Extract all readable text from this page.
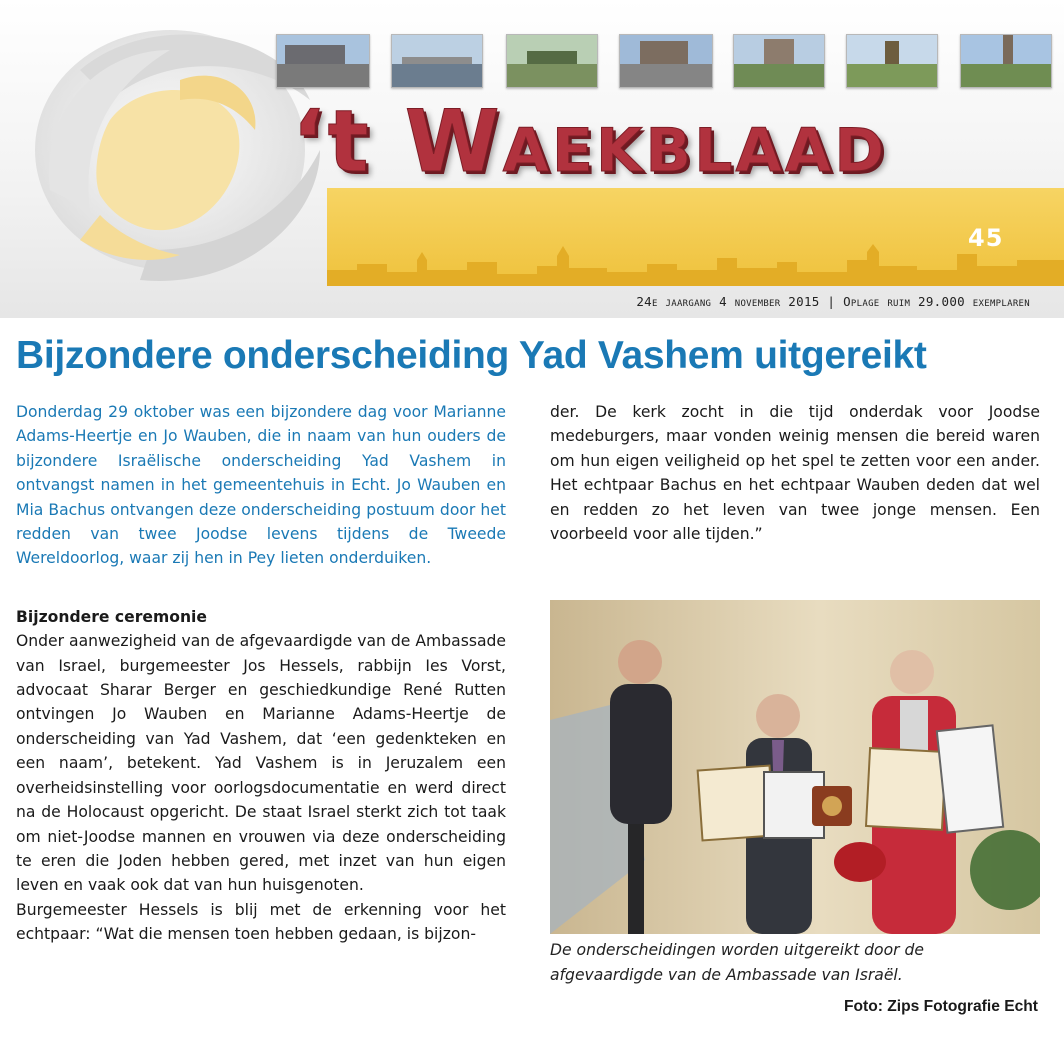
‘t Waekblaad
45
24e jaargang 4 november 2015 | Oplage ruim 29.000 exemplaren
Bijzondere onderscheiding Yad Vashem uitgereikt

Donderdag 29 oktober was een bijzondere dag voor Marianne Adams-Heertje en Jo Wauben, die in naam van hun ouders de bijzondere Israëlische onderscheiding Yad Vashem in ontvangst namen in het gemeentehuis in Echt. Jo Wauben en Mia Bachus ontvangen deze onderscheiding postuum door het redden van twee Joodse levens tijdens de Tweede Wereldoorlog, waar zij hen in Pey lieten onderduiken.

Bijzondere ceremonie

Onder aanwezigheid van de afgevaardigde van de Ambassade van Israel, burgemeester Jos Hessels, rabbijn Ies Vorst, advocaat Sharar Berger en geschiedkundige René Rutten ontvingen Jo Wauben en Marianne Adams-Heertje de onderscheiding van Yad Vashem, dat ‘een gedenkteken en een naam’, betekent. Yad Vashem is in Jeruzalem een overheidsinstelling voor oorlogsdocumentatie en werd direct na de Holocaust opgericht. De staat Israel sterkt zich tot taak om niet-Joodse mannen en vrouwen via deze onderscheiding te eren die Joden hebben gered, met inzet van hun eigen leven en vaak ook dat van hun huisgenoten.

Burgemeester Hessels is blij met de erkenning voor het echtpaar: “Wat die mensen toen hebben gedaan, is bijzon-

der. De kerk zocht in die tijd onderdak voor Joodse medeburgers, maar vonden weinig mensen die bereid waren om hun eigen veiligheid op het spel te zetten voor een ander. Het echtpaar Bachus en het echtpaar Wauben deden dat wel en redden zo het leven van twee jonge mensen. Een voorbeeld voor alle tijden.”

De onderscheidingen worden uitgereikt door de afgevaardigde van de Ambassade van Israël.
Foto: Zips Fotografie Echt
